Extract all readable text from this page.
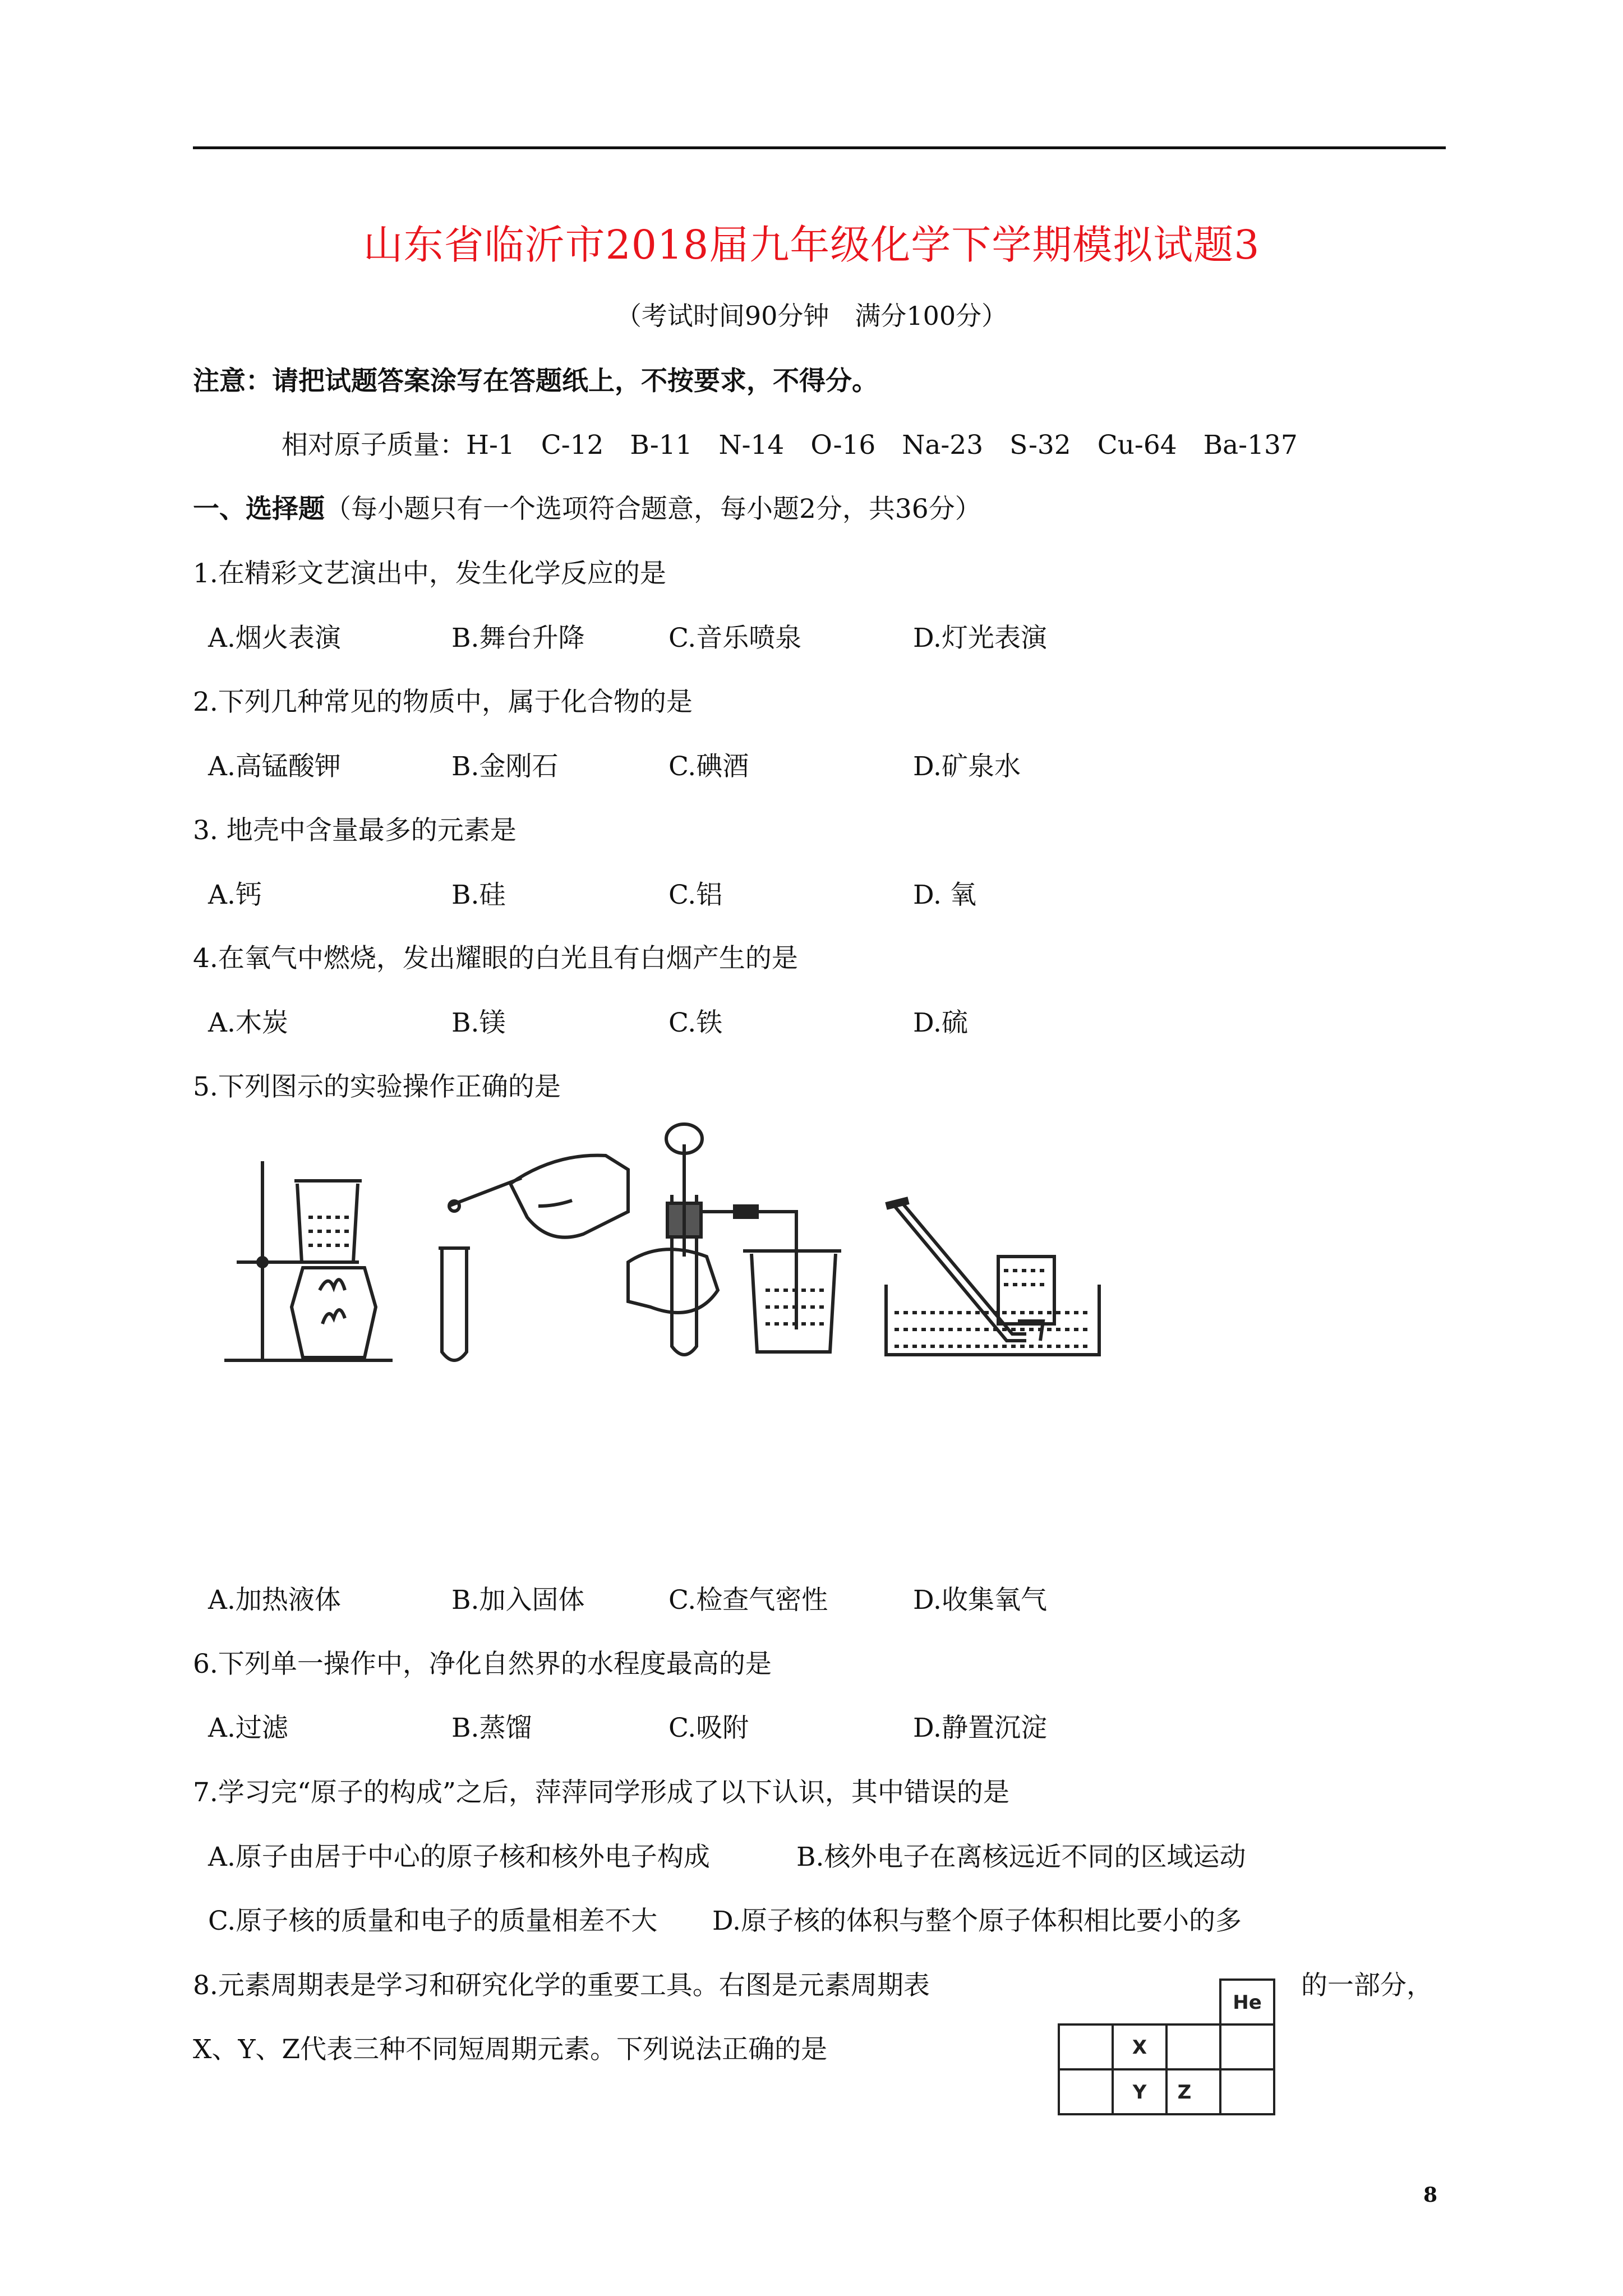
山东省临沂市2018届九年级化学下学期模拟试题3
（考试时间90分钟　满分100分）
注意：请把试题答案涂写在答题纸上，不按要求，不得分。
相对原子质量：H-1　C-12　B-11　N-14　O-16　Na-23　S-32　Cu-64　Ba-137
一、选择题（每小题只有一个选项符合题意，每小题2分，共36分）
1.在精彩文艺演出中，发生化学反应的是
A.烟火表演	B.舞台升降	C.音乐喷泉	D.灯光表演
2.下列几种常见的物质中，属于化合物的是
A.高锰酸钾	B.金刚石	C.碘酒	D.矿泉水
3. 地壳中含量最多的元素是
A.钙	B.硅	C.铝	D. 氧
4.在氧气中燃烧，发出耀眼的白光且有白烟产生的是
A.木炭	B.镁	C.铁	D.硫
5.下列图示的实验操作正确的是
A.加热液体	B.加入固体	C.检查气密性	D.收集氧气
6.下列单一操作中，净化自然界的水程度最高的是
A.过滤	B.蒸馏	C.吸附	D.静置沉淀
7.学习完“原子的构成”之后，萍萍同学形成了以下认识，其中错误的是
A.原子由居于中心的原子核和核外电子构成	B.核外电子在离核远近不同的区域运动
C.原子核的质量和电子的质量相差不大 D.原子核的体积与整个原子体积相比要小的多
8.元素周期表是学习和研究化学的重要工具。右图是元素周期表	的一部分，
X、Y、Z代表三种不同短周期元素。下列说法正确的是
He
X
Y Z
8
